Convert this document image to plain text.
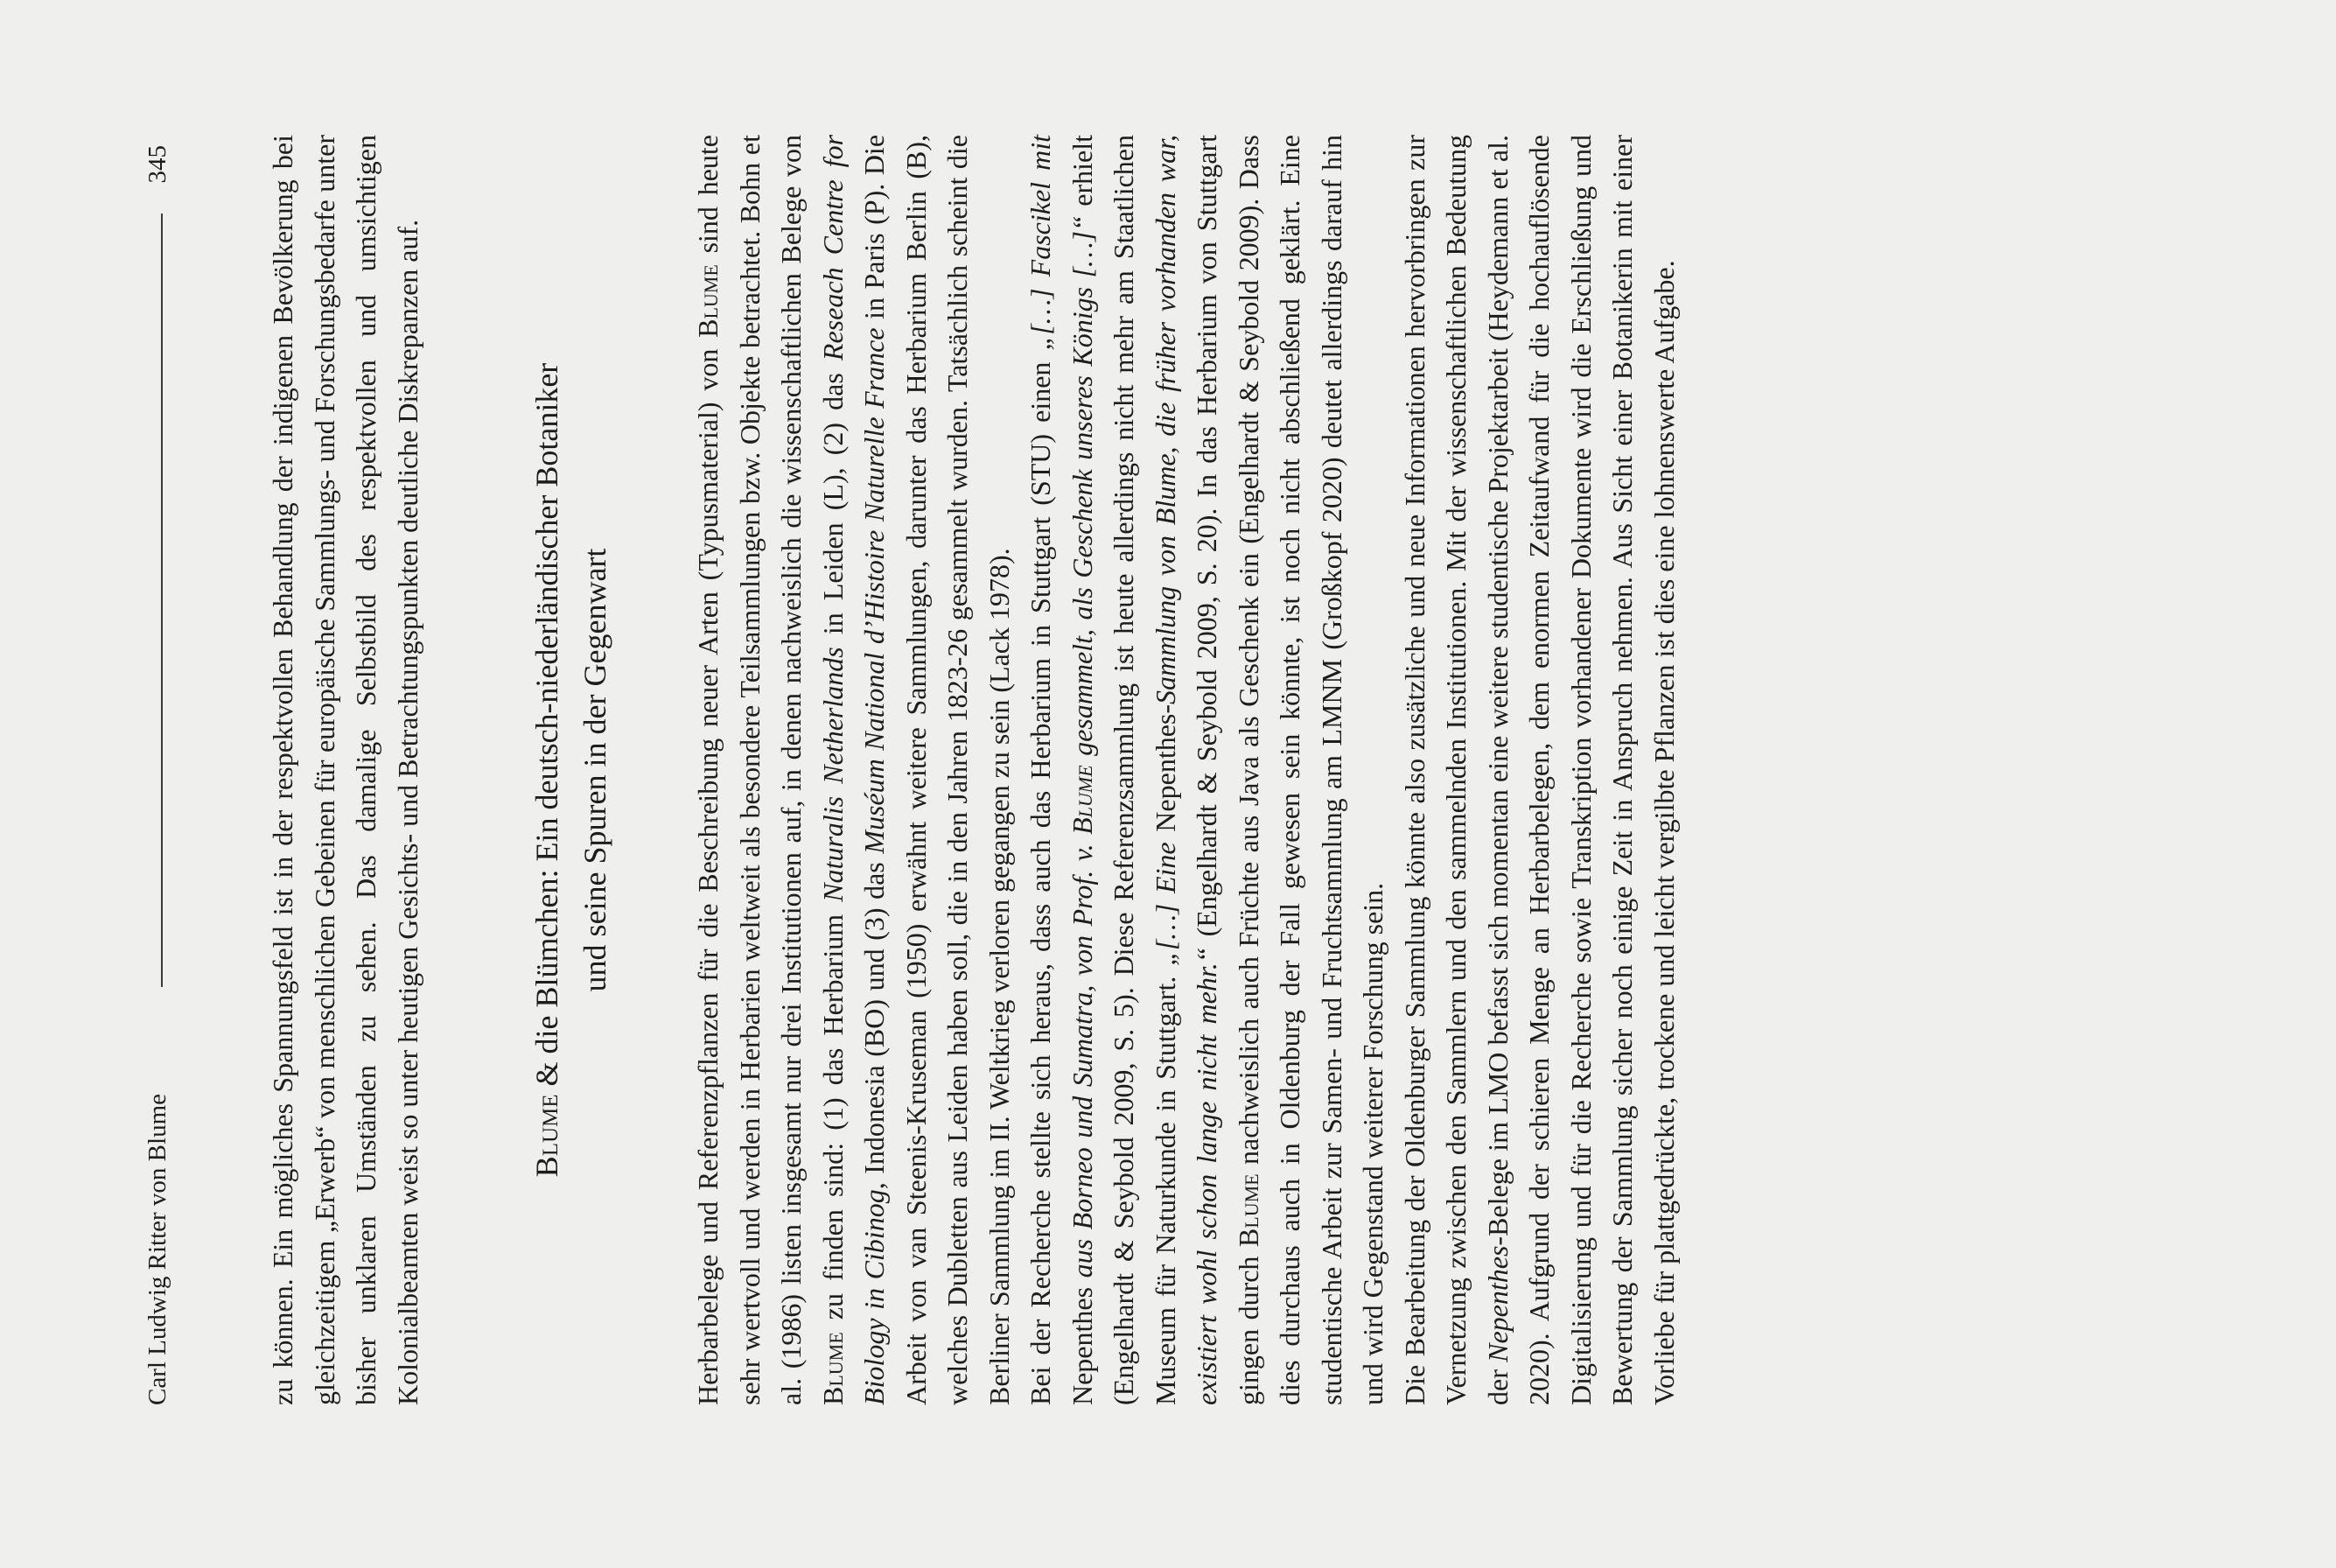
Carl Ludwig Ritter von Blume
345	zu können. Ein mögliches Spannungsfeld ist in der respektvollen Behandlung der indigenen Bevölkerung bei gleichzeitigem „Erwerb“ von menschlichen Gebeinen für europäische Sammlungs- und Forschungsbedarfe unter bisher unklaren Umständen zu sehen. Das damalige Selbstbild des respektvollen und umsichtigen Kolonialbeamten weist so unter heutigen Gesichts- und Betrachtungspunkten deutliche Diskrepanzen auf.	Blume & die Blümchen: Ein deutsch-niederländischer Botaniker und seine Spuren in der Gegenwart	Herbarbelege und Referenzpflanzen für die Beschreibung neuer Arten (Typusmaterial) von Blume sind heute sehr wertvoll und werden in Herbarien weltweit als besondere Teilsammlungen bzw. Objekte betrachtet. Bohn et al. (1986) listen insgesamt nur drei Institutionen auf, in denen nachweislich die wissenschaftlichen Belege von Blume zu finden sind: (1) das Herbarium Naturalis Netherlands in Leiden (L), (2) das Reseach Centre for Biology in Cibinog, Indonesia (BO) und (3) das Muséum National d’Histoire Naturelle France in Paris (P). Die Arbeit von van Steenis-Kruseman (1950) erwähnt weitere Sammlungen, darunter das Herbarium Berlin (B), welches Dubletten aus Leiden haben soll, die in den Jahren 1823-26 gesammelt wurden. Tatsächlich scheint die Berliner Sammlung im II. Weltkrieg verloren gegangen zu sein (Lack 1978). Bei der Recherche stellte sich heraus, dass auch das Herbarium in Stuttgart (STU) einen „[…] Fascikel mit Nepenthes aus Borneo und Sumatra, von Prof. v. Blume gesammelt, als Geschenk unseres Königs […]“ erhielt (Engelhardt & Seybold 2009, S. 5). Diese Referenzsammlung ist heute allerdings nicht mehr am Staatlichen Museum für Naturkunde in Stuttgart. „[…] Eine Nepenthes-Sammlung von Blume, die früher vorhanden war, existiert wohl schon lange nicht mehr.“ (Engelhardt & Seybold 2009, S. 20). In das Herbarium von Stuttgart gingen durch Blume nachweislich auch Früchte aus Java als Geschenk ein (Engelhardt & Seybold 2009). Dass dies durchaus auch in Oldenburg der Fall gewesen sein könnte, ist noch nicht abschließend geklärt. Eine studentische Arbeit zur Samen- und Fruchtsammlung am LMNM (Großkopf 2020) deutet allerdings darauf hin und wird Gegenstand weiterer Forschung sein. Die Bearbeitung der Oldenburger Sammlung könnte also zusätzliche und neue Informationen hervorbringen zur Vernetzung zwischen den Sammlern und den sammelnden Institutionen. Mit der wissenschaftlichen Bedeutung der Nepenthes-Belege im LMO befasst sich momentan eine weitere studentische Projektarbeit (Heydemann et al. 2020). Aufgrund der schieren Menge an Herbarbelegen, dem enormen Zeitaufwand für die hochauflösende Digitalisierung und für die Recherche sowie Transkription vorhandener Dokumente wird die Erschließung und Bewertung der Sammlung sicher noch einige Zeit in Anspruch nehmen. Aus Sicht einer Botanikerin mit einer Vorliebe für plattgedrückte, trockene und leicht vergilbte Pflanzen ist dies eine lohnenswerte Aufgabe.
